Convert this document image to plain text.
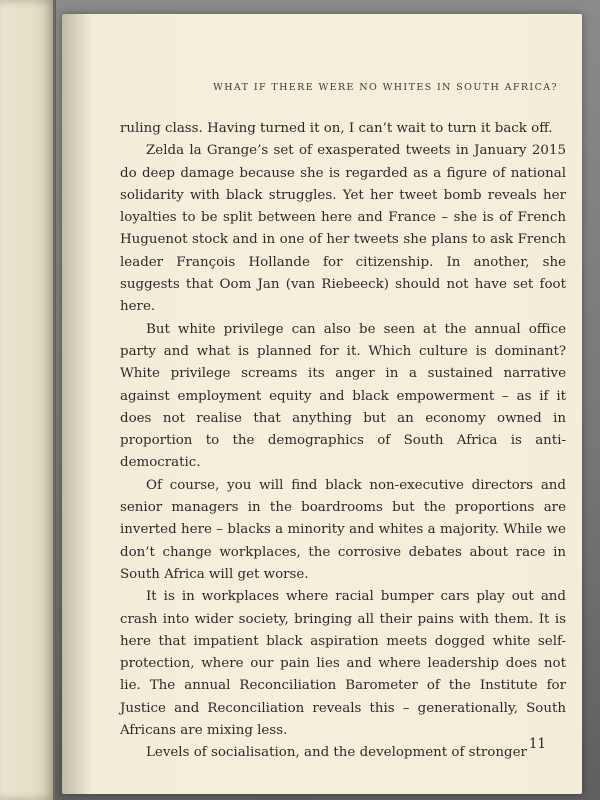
WHAT IF THERE WERE NO WHITES IN SOUTH AFRICA?

ruling class. Having turned it on, I can’t wait to turn it back off.

Zelda la Grange’s set of exasperated tweets in January 2015 do deep damage because she is regarded as a figure of national solidarity with black struggles. Yet her tweet bomb reveals her loyalties to be split between here and France – she is of French Huguenot stock and in one of her tweets she plans to ask French leader François Hollande for citizenship. In another, she suggests that Oom Jan (van Riebeeck) should not have set foot here.

But white privilege can also be seen at the annual office party and what is planned for it. Which culture is dominant? White privilege screams its anger in a sustained narrative against employment equity and black empowerment – as if it does not realise that anything but an economy owned in proportion to the demographics of South Africa is anti-democratic.

Of course, you will find black non-executive directors and senior managers in the boardrooms but the proportions are inverted here – blacks a minority and whites a majority. While we don’t change workplaces, the corrosive debates about race in South Africa will get worse.

It is in workplaces where racial bumper cars play out and crash into wider society, bringing all their pains with them. It is here that impatient black aspiration meets dogged white self-protection, where our pain lies and where leadership does not lie. The annual Reconciliation Barometer of the Institute for Justice and Reconciliation reveals this – generationally, South Africans are mixing less.

Levels of socialisation, and the development of stronger

11
